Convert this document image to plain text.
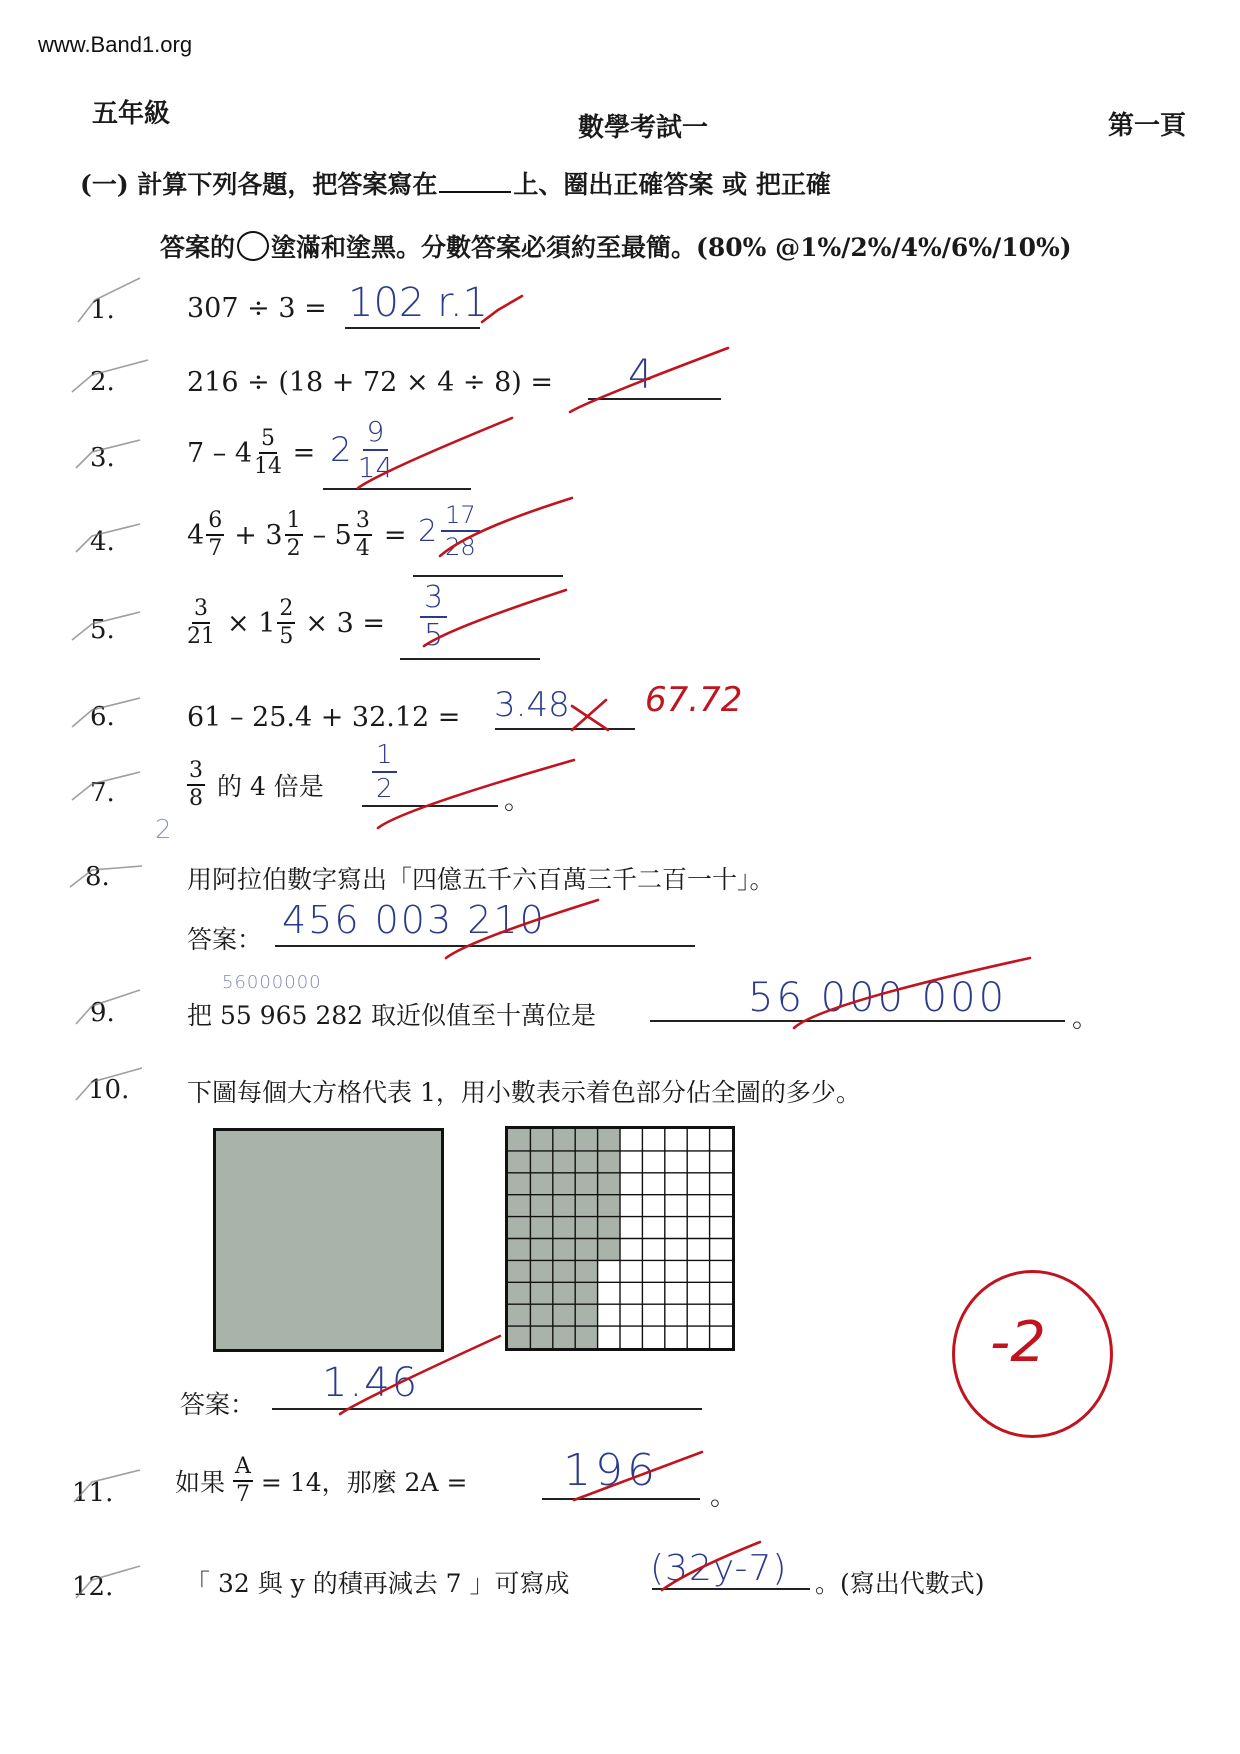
www.Band1.org
五年級	數學考試一	第一頁
(一) 計算下列各題，把答案寫在	上、圈出正確答案 或 把正確
答案的 塗滿和塗黑。分數答案必須約至最簡。(80% @1%/2%/4%/6%/10%)
1.	307 ÷ 3 = 102 r.1
2.	216 ÷ (18 + 72 × 4 ÷ 8) = 4
3.	$7 - 4 \frac{5}{14} = 2 \frac{9}{14}$
4.	$4 \frac{6}{7} + 3 \frac{1}{2} - 5 \frac{3}{4} = 2 \frac{17}{28}$
5.	$\frac{3}{21} \times 1 \frac{2}{5} \times 3 = \frac{3}{5}$
6.	61 – 25.4 + 32.12 = 3.48 67.72
7.	$\frac{3}{8}$ 的 4 倍是	。
$\frac{1}{2}$
2
8.	用阿拉伯數字寫出「四億五千六百萬三千二百一十」。
答案： 456 003 210
9.	把 55 965 282 取近似值至十萬位是	。
56000000	56 000 000
10. 下圖每個大方格代表 1，用小數表示着色部分佔全圖的多少。
答案： 1.46
11. 如果 $\frac{A}{7} = 14$，那麼 2A =	。
196
12.	「 32 與 y 的積再減去 7 」可寫成	。(寫出代數式)
(32y-7)
-2
